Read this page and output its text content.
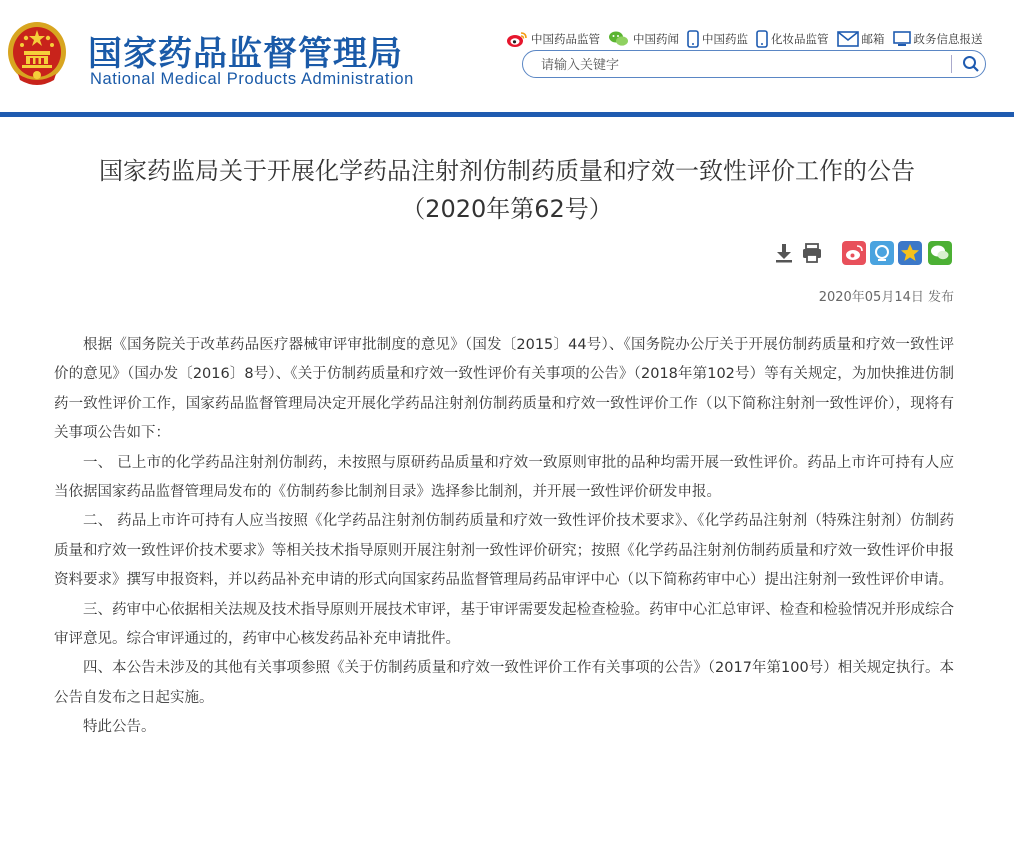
国家药品监督管理局
National Medical Products Administration
中国药品监管	中国药闻 中国药监 化妆品监管	邮箱	政务信息报送
请输入关键字
国家药监局关于开展化学药品注射剂仿制药质量和疗效一致性评价工作的公告
（2020年第62号）
2020年05月14日 发布

根据《国务院关于改革药品医疗器械审评审批制度的意见》（国发〔2015〕44号）、《国务院办公厅关于开展仿制药质量和疗效一致性评价的意见》（国办发〔2016〕8号）、《关于仿制药质量和疗效一致性评价有关事项的公告》（2018年第102号）等有关规定，为加快推进仿制药一致性评价工作，国家药品监督管理局决定开展化学药品注射剂仿制药质量和疗效一致性评价工作（以下简称注射剂一致性评价），现将有关事项公告如下：

一、 已上市的化学药品注射剂仿制药，未按照与原研药品质量和疗效一致原则审批的品种均需开展一致性评价。药品上市许可持有人应当依据国家药品监督管理局发布的《仿制药参比制剂目录》选择参比制剂，并开展一致性评价研发申报。

二、 药品上市许可持有人应当按照《化学药品注射剂仿制药质量和疗效一致性评价技术要求》、《化学药品注射剂（特殊注射剂）仿制药质量和疗效一致性评价技术要求》等相关技术指导原则开展注射剂一致性评价研究；按照《化学药品注射剂仿制药质量和疗效一致性评价申报资料要求》撰写申报资料，并以药品补充申请的形式向国家药品监督管理局药品审评中心（以下简称药审中心）提出注射剂一致性评价申请。

三、药审中心依据相关法规及技术指导原则开展技术审评，基于审评需要发起检查检验。药审中心汇总审评、检查和检验情况并形成综合审评意见。综合审评通过的，药审中心核发药品补充申请批件。

四、本公告未涉及的其他有关事项参照《关于仿制药质量和疗效一致性评价工作有关事项的公告》（2017年第100号）相关规定执行。本公告自发布之日起实施。

特此公告。
